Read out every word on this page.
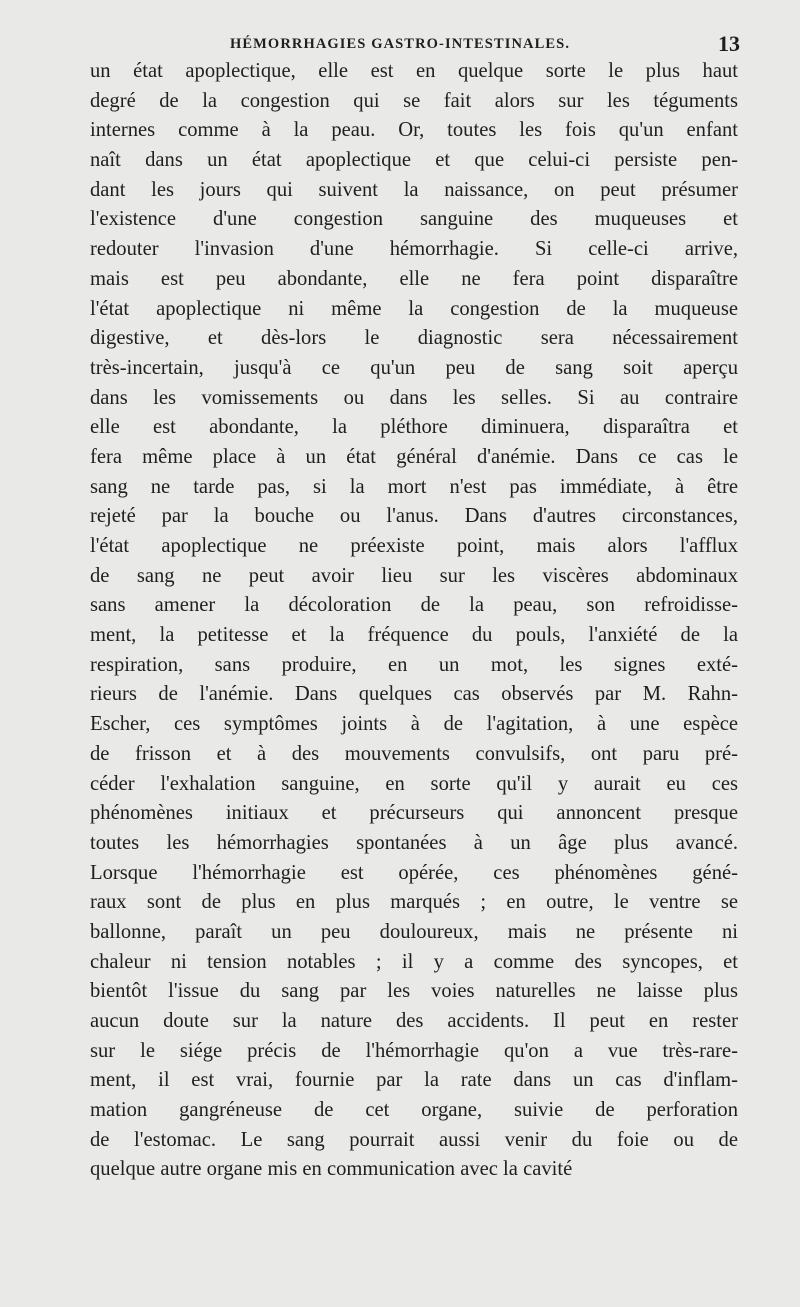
HÉMORRHAGIES GASTRO-INTESTINALES.	13
un état apoplectique, elle est en quelque sorte le plus haut
degré de la congestion qui se fait alors sur les téguments
internes comme à la peau. Or, toutes les fois qu'un enfant
naît dans un état apoplectique et que celui-ci persiste pen-
dant les jours qui suivent la naissance, on peut présumer
l'existence d'une congestion sanguine des muqueuses et
redouter l'invasion d'une hémorrhagie. Si celle-ci arrive,
mais est peu abondante, elle ne fera point disparaître
l'état apoplectique ni même la congestion de la muqueuse
digestive, et dès-lors le diagnostic sera nécessairement
très-incertain, jusqu'à ce qu'un peu de sang soit aperçu
dans les vomissements ou dans les selles. Si au contraire
elle est abondante, la pléthore diminuera, disparaîtra et
fera même place à un état général d'anémie. Dans ce cas le
sang ne tarde pas, si la mort n'est pas immédiate, à être
rejeté par la bouche ou l'anus. Dans d'autres circonstances,
l'état apoplectique ne préexiste point, mais alors l'afflux
de sang ne peut avoir lieu sur les viscères abdominaux
sans amener la décoloration de la peau, son refroidisse-
ment, la petitesse et la fréquence du pouls, l'anxiété de la
respiration, sans produire, en un mot, les signes exté-
rieurs de l'anémie. Dans quelques cas observés par M. Rahn-
Escher, ces symptômes joints à de l'agitation, à une espèce
de frisson et à des mouvements convulsifs, ont paru pré-
céder l'exhalation sanguine, en sorte qu'il y aurait eu ces
phénomènes initiaux et précurseurs qui annoncent presque
toutes les hémorrhagies spontanées à un âge plus avancé.
Lorsque l'hémorrhagie est opérée, ces phénomènes géné-
raux sont de plus en plus marqués ; en outre, le ventre se
ballonne, paraît un peu douloureux, mais ne présente ni
chaleur ni tension notables ; il y a comme des syncopes, et
bientôt l'issue du sang par les voies naturelles ne laisse plus
aucun doute sur la nature des accidents. Il peut en rester
sur le siége précis de l'hémorrhagie qu'on a vue très-rare-
ment, il est vrai, fournie par la rate dans un cas d'inflam-
mation gangréneuse de cet organe, suivie de perforation
de l'estomac. Le sang pourrait aussi venir du foie ou de
quelque autre organe mis en communication avec la cavité
